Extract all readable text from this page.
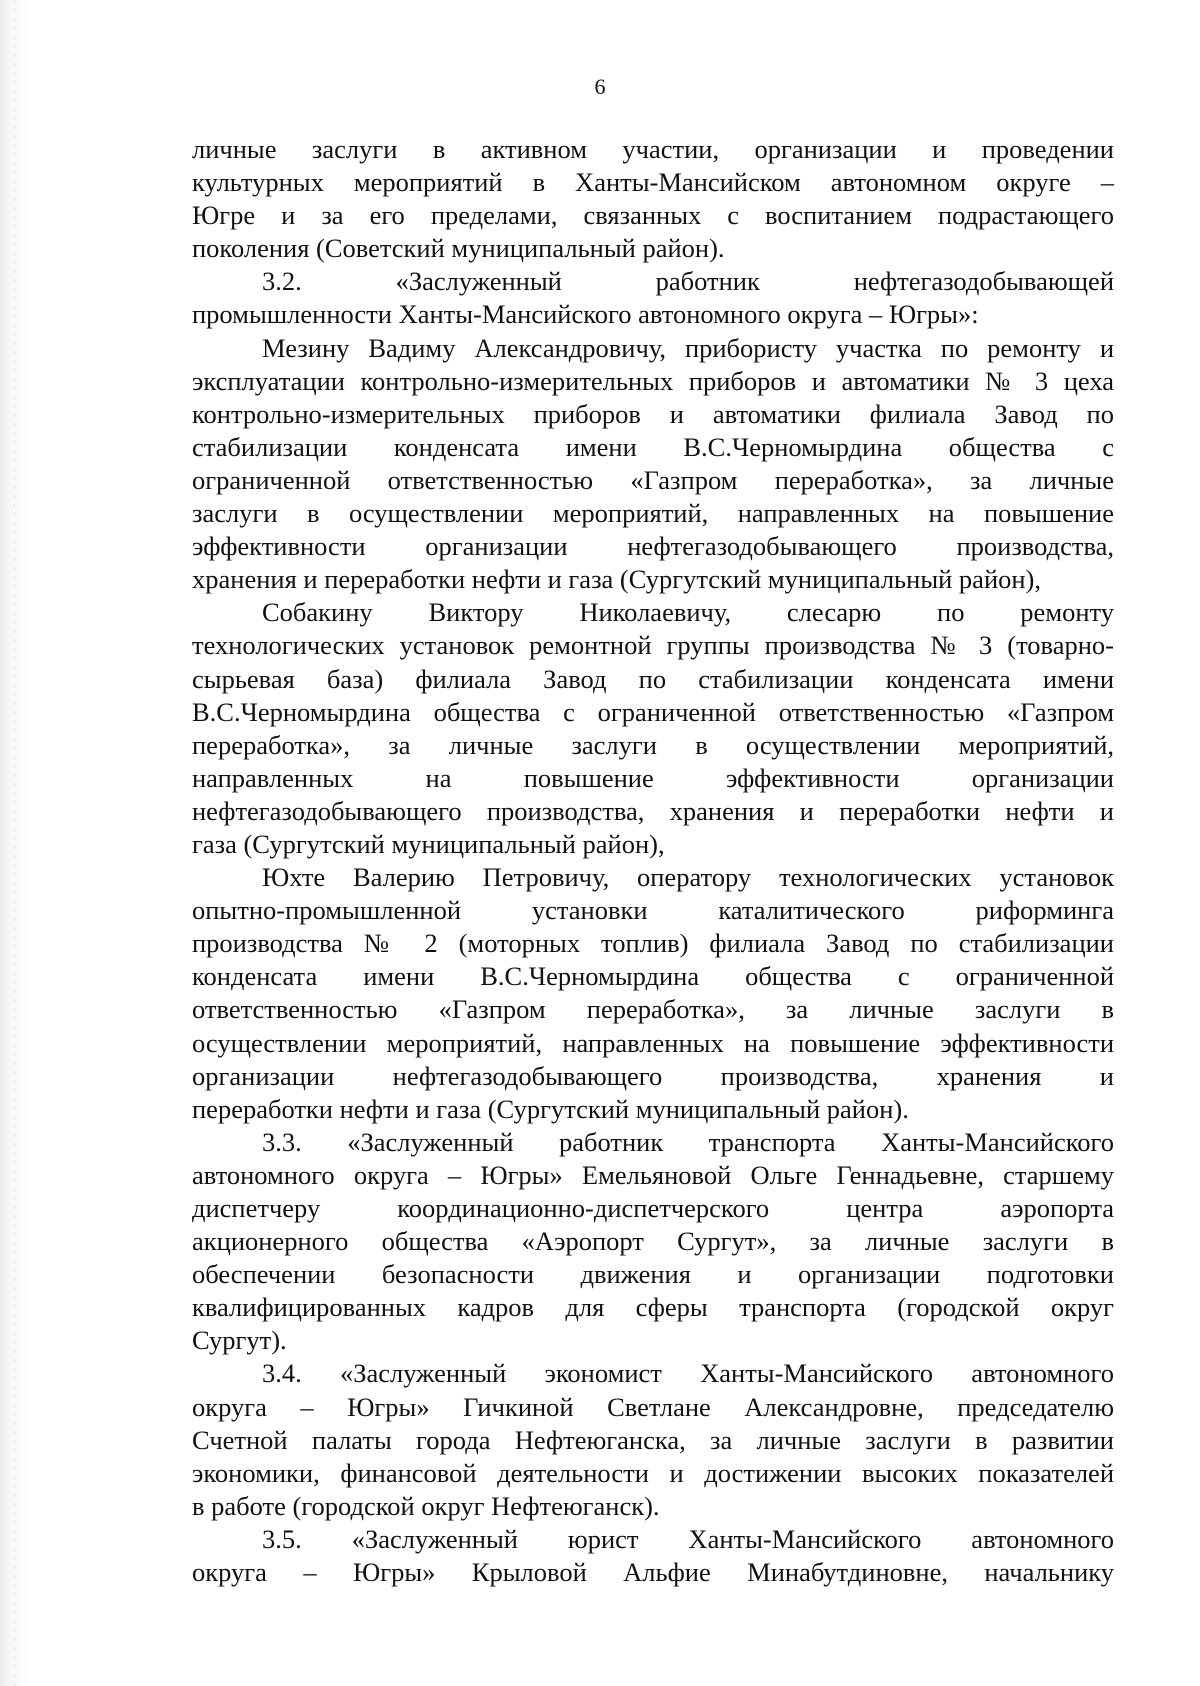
6
личные заслуги в активном участии, организации и проведении
культурных мероприятий в Ханты-Мансийском автономном округе –
Югре и за его пределами, связанных с воспитанием подрастающего
поколения (Советский муниципальный район).
3.2. «Заслуженный работник нефтегазодобывающей
промышленности Ханты-Мансийского автономного округа – Югры»:
Мезину Вадиму Александровичу, прибористу участка по ремонту и
эксплуатации контрольно-измерительных приборов и автоматики № 3 цеха
контрольно-измерительных приборов и автоматики филиала Завод по
стабилизации конденсата имени В.С.Черномырдина общества с
ограниченной ответственностью «Газпром переработка», за личные
заслуги в осуществлении мероприятий, направленных на повышение
эффективности организации нефтегазодобывающего производства,
хранения и переработки нефти и газа (Сургутский муниципальный район),
Собакину Виктору Николаевичу, слесарю по ремонту
технологических установок ремонтной группы производства № 3 (товарно-
сырьевая база) филиала Завод по стабилизации конденсата имени
В.С.Черномырдина общества с ограниченной ответственностью «Газпром
переработка», за личные заслуги в осуществлении мероприятий,
направленных на повышение эффективности организации
нефтегазодобывающего производства, хранения и переработки нефти и
газа (Сургутский муниципальный район),
Юхте Валерию Петровичу, оператору технологических установок
опытно-промышленной установки каталитического риформинга
производства № 2 (моторных топлив) филиала Завод по стабилизации
конденсата имени В.С.Черномырдина общества с ограниченной
ответственностью «Газпром переработка», за личные заслуги в
осуществлении мероприятий, направленных на повышение эффективности
организации нефтегазодобывающего производства, хранения и
переработки нефти и газа (Сургутский муниципальный район).
3.3. «Заслуженный работник транспорта Ханты-Мансийского
автономного округа – Югры» Емельяновой Ольге Геннадьевне, старшему
диспетчеру координационно-диспетчерского центра аэропорта
акционерного общества «Аэропорт Сургут», за личные заслуги в
обеспечении безопасности движения и организации подготовки
квалифицированных кадров для сферы транспорта (городской округ
Сургут).
3.4. «Заслуженный экономист Ханты-Мансийского автономного
округа – Югры» Гичкиной Светлане Александровне, председателю
Счетной палаты города Нефтеюганска, за личные заслуги в развитии
экономики, финансовой деятельности и достижении высоких показателей
в работе (городской округ Нефтеюганск).
3.5. «Заслуженный юрист Ханты-Мансийского автономного
округа – Югры» Крыловой Альфие Минабутдиновне, начальнику
